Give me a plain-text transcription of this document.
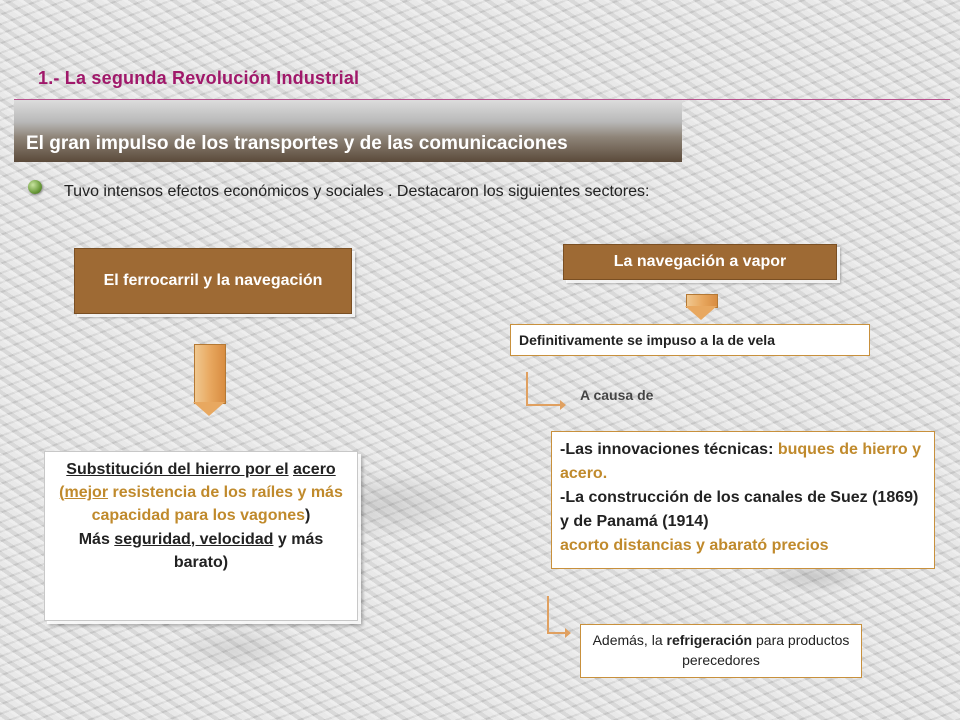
1.- La segunda Revolución Industrial
El gran impulso de los transportes y de las comunicaciones
Tuvo intensos efectos económicos y sociales . Destacaron los siguientes sectores:
El ferrocarril y la navegación
La navegación a vapor
Definitivamente se impuso a la de vela
A causa de
-Las innovaciones técnicas: buques de hierro y acero.
-La construcción de los canales de Suez (1869) y de Panamá (1914)
acorto distancias y abarató precios
Substitución del hierro por el acero (mejor resistencia de los raíles y más capacidad para los vagones)
Más seguridad, velocidad y más barato)
Además, la refrigeración para productos perecedores
